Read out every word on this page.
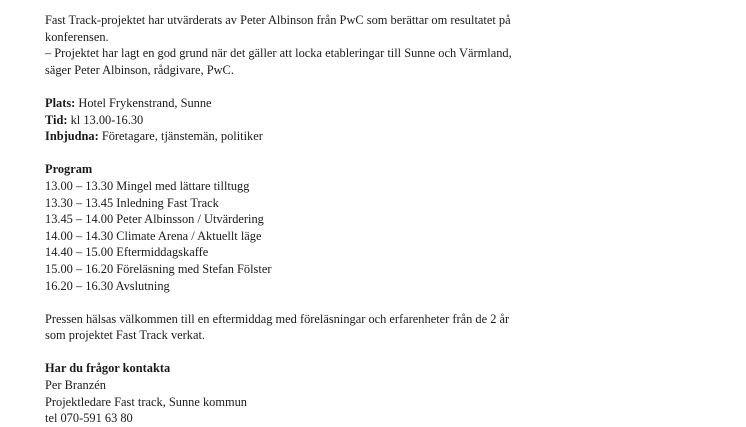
Fast Track-projektet har utvärderats av Peter Albinson från PwC som berättar om resultatet på

konferensen.

– Projektet har lagt en god grund när det gäller att locka etableringar till Sunne och Värmland,

säger Peter Albinson, rådgivare, PwC.

Plats: Hotel Frykenstrand, Sunne

Tid: kl 13.00-16.30

Inbjudna: Företagare, tjänstemän, politiker

Program

13.00 – 13.30 Mingel med lättare tilltugg
13.30 – 13.45 Inledning Fast Track
13.45 – 14.00 Peter Albinsson / Utvärdering
14.00 – 14.30 Climate Arena / Aktuellt läge
14.40 – 15.00 Eftermiddagskaffe
15.00 – 16.20 Föreläsning med Stefan Fölster
16.20 – 16.30 Avslutning

Pressen hälsas välkommen till en eftermiddag med föreläsningar och erfarenheter från de 2 år

som projektet Fast Track verkat.

Har du frågor kontakta

Per Branzén

Projektledare Fast track, Sunne kommun

tel 070-591 63 80
